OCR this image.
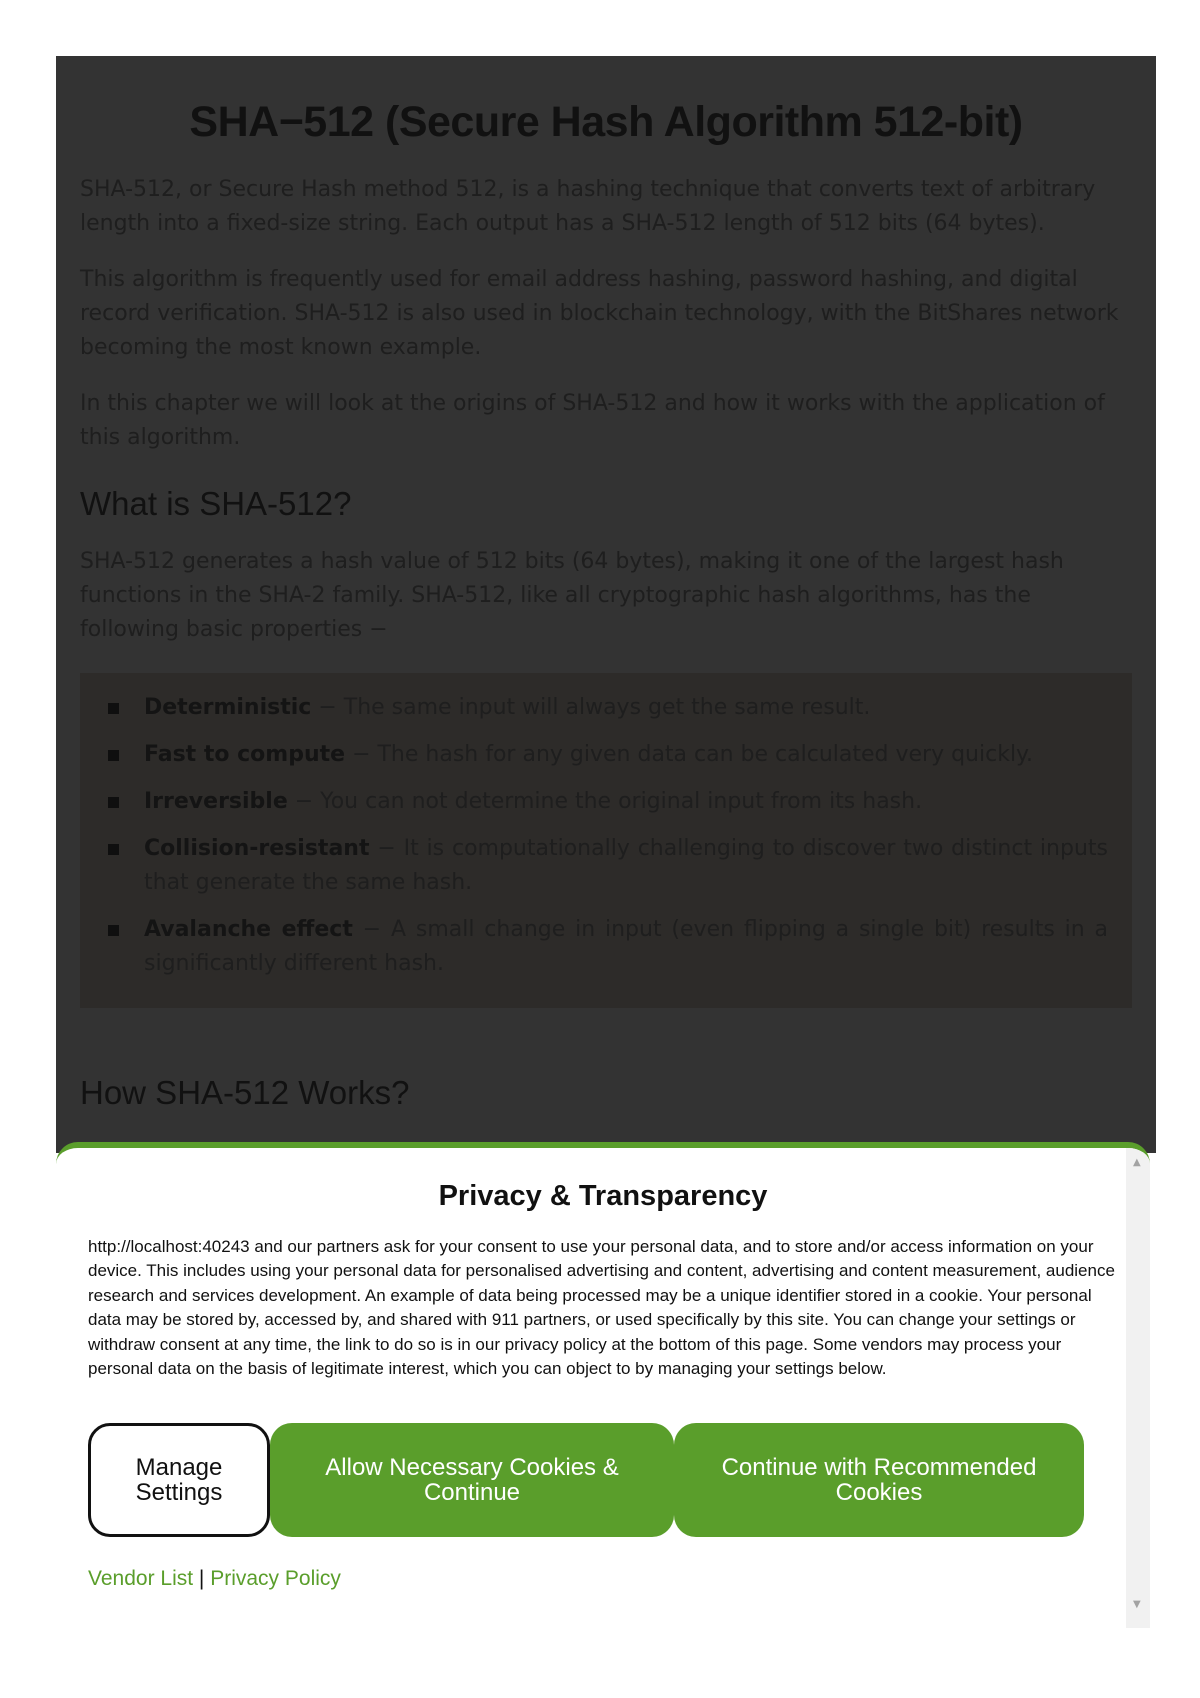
SHA−512 (Secure Hash Algorithm 512-bit)

SHA-512, or Secure Hash method 512, is a hashing technique that converts text of arbitrary length into a fixed-size string. Each output has a SHA-512 length of 512 bits (64 bytes).

This algorithm is frequently used for email address hashing, password hashing, and digital record verification. SHA-512 is also used in blockchain technology, with the BitShares network becoming the most known example.

In this chapter we will look at the origins of SHA-512 and how it works with the application of this algorithm.

What is SHA-512?

SHA-512 generates a hash value of 512 bits (64 bytes), making it one of the largest hash functions in the SHA-2 family. SHA-512, like all cryptographic hash algorithms, has the following basic properties −

Deterministic − The same input will always get the same result.
Fast to compute − The hash for any given data can be calculated very quickly.
Irreversible − You can not determine the original input from its hash.
Collision-resistant − It is computationally challenging to discover two distinct inputs that generate the same hash.
Avalanche effect − A small change in input (even flipping a single bit) results in a significantly different hash.
How SHA-512 Works?
Privacy & Transparency

http://localhost:40243 and our partners ask for your consent to use your personal data, and to store and/or access information on your device. This includes using your personal data for personalised advertising and content, advertising and content measurement, audience research and services development. An example of data being processed may be a unique identifier stored in a cookie. Your personal data may be stored by, accessed by, and shared with 911 partners, or used specifically by this site. You can change your settings or withdraw consent at any time, the link to do so is in our privacy policy at the bottom of this page. Some vendors may process your personal data on the basis of legitimate interest, which you can object to by managing your settings below.

Manage Settings
Allow Necessary Cookies & Continue
Continue with Recommended Cookies
Vendor List | Privacy Policy
▲
▼
